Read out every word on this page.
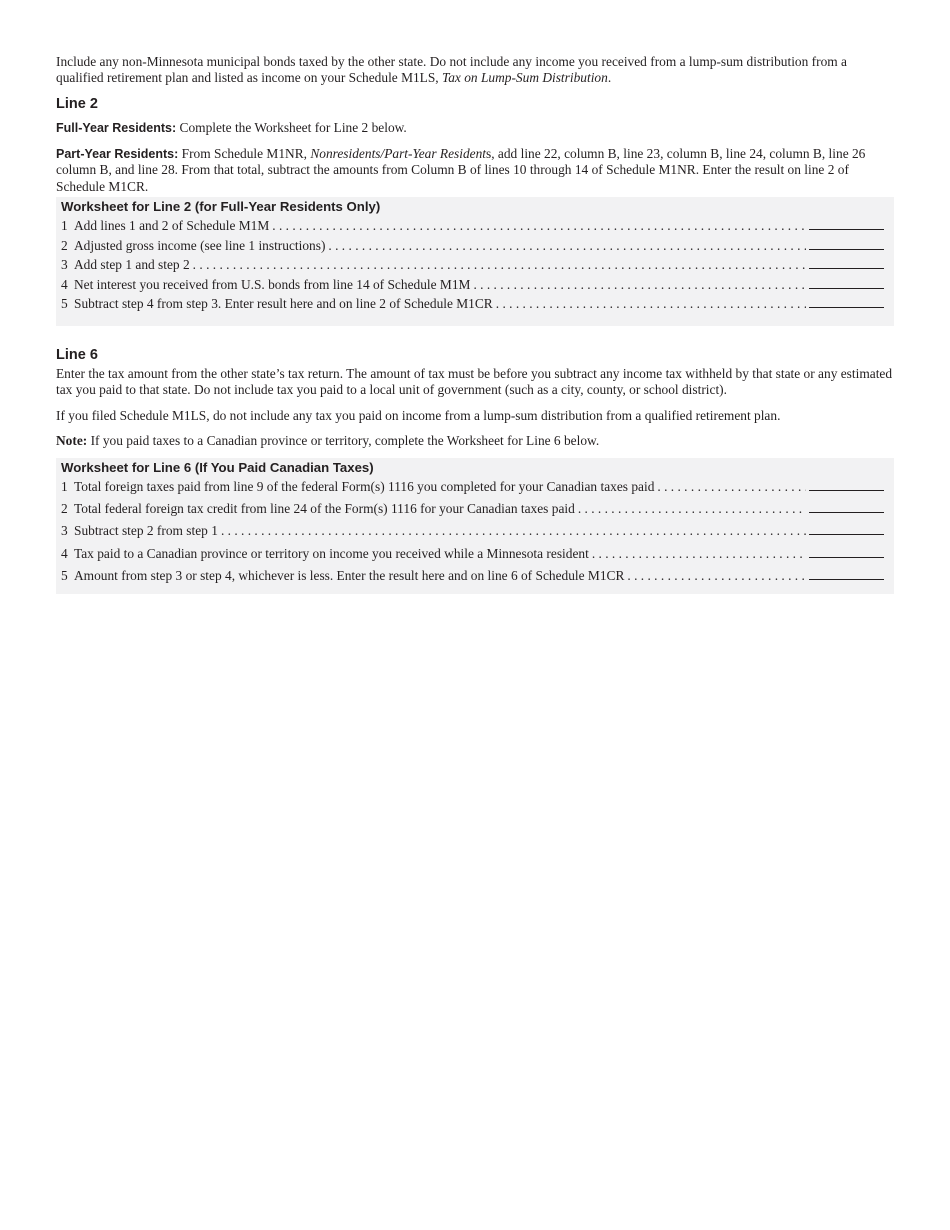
Include any non-Minnesota municipal bonds taxed by the other state. Do not include any income you received from a lump-sum distribution from a qualified retirement plan and listed as income on your Schedule M1LS, Tax on Lump-Sum Distribution.

Line 2

Full-Year Residents: Complete the Worksheet for Line 2 below.

Part-Year Residents: From Schedule M1NR, Nonresidents/Part-Year Residents, add line 22, column B, line 23, column B, line 24, column B, line 26 column B, and line 28. From that total, subtract the amounts from Column B of lines 10 through 14 of Schedule M1NR. Enter the result on line 2 of Schedule M1CR.

Worksheet for Line 2 (for Full-Year Residents Only)
1 Add lines 1 and 2 of Schedule M1M
. . .
2 Adjusted gross income (see line 1 instructions)
. . .
3 Add step 1 and step 2
. . .
4 Net interest you received from U.S. bonds from line 14 of Schedule M1M
. . .
5 Subtract step 4 from step 3. Enter result here and on line 2 of Schedule M1CR
. . .
Line 6

Enter the tax amount from the other state’s tax return. The amount of tax must be before you subtract any income tax withheld by that state or any estimated tax you paid to that state. Do not include tax you paid to a local unit of government (such as a city, county, or school district).

If you filed Schedule M1LS, do not include any tax you paid on income from a lump-sum distribution from a qualified retirement plan.

Note: If you paid taxes to a Canadian province or territory, complete the Worksheet for Line 6 below.

Worksheet for Line 6 (If You Paid Canadian Taxes)
1 Total foreign taxes paid from line 9 of the federal Form(s) 1116 you completed for your Canadian taxes paid
. . .
2 Total federal foreign tax credit from line 24 of the Form(s) 1116 for your Canadian taxes paid
. . .
3 Subtract step 2 from step 1
. . .
4 Tax paid to a Canadian province or territory on income you received while a Minnesota resident
. . .
5 Amount from step 3 or step 4, whichever is less. Enter the result here and on line 6 of Schedule M1CR
. . .
